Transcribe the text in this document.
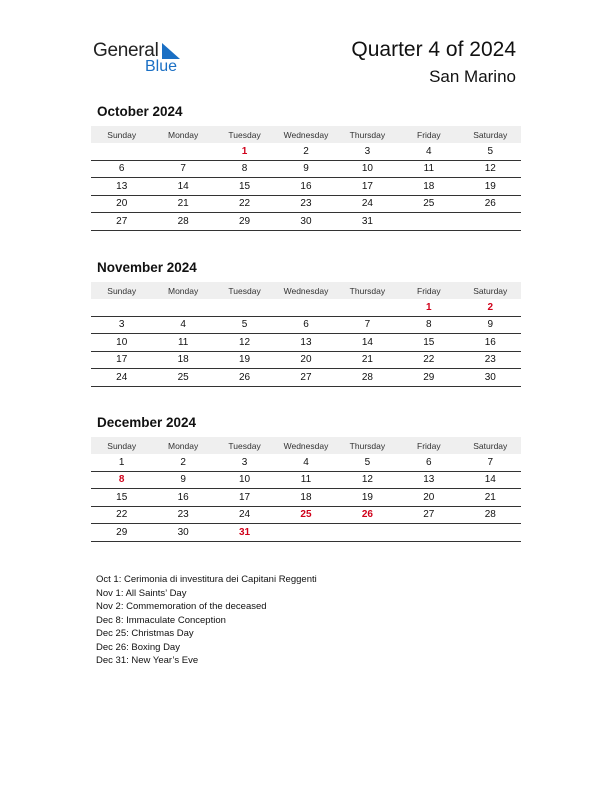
General
Blue
Quarter 4 of 2024
San Marino
October 2024
Sunday	Monday	Tuesday	Wednesday	Thursday	Friday	Saturday
		1	2	3	4	5
6	7	8	9	10	11	12
13	14	15	16	17	18	19
20	21	22	23	24	25	26
27	28	29	30	31		
November 2024
Sunday	Monday	Tuesday	Wednesday	Thursday	Friday	Saturday
					1	2
3	4	5	6	7	8	9
10	11	12	13	14	15	16
17	18	19	20	21	22	23
24	25	26	27	28	29	30
December 2024
Sunday	Monday	Tuesday	Wednesday	Thursday	Friday	Saturday
1	2	3	4	5	6	7
8	9	10	11	12	13	14
15	16	17	18	19	20	21
22	23	24	25	26	27	28
29	30	31				
Oct 1: Cerimonia di investitura dei Capitani Reggenti
Nov 1: All Saints’ Day
Nov 2: Commemoration of the deceased
Dec 8: Immaculate Conception
Dec 25: Christmas Day
Dec 26: Boxing Day
Dec 31: New Year’s Eve
